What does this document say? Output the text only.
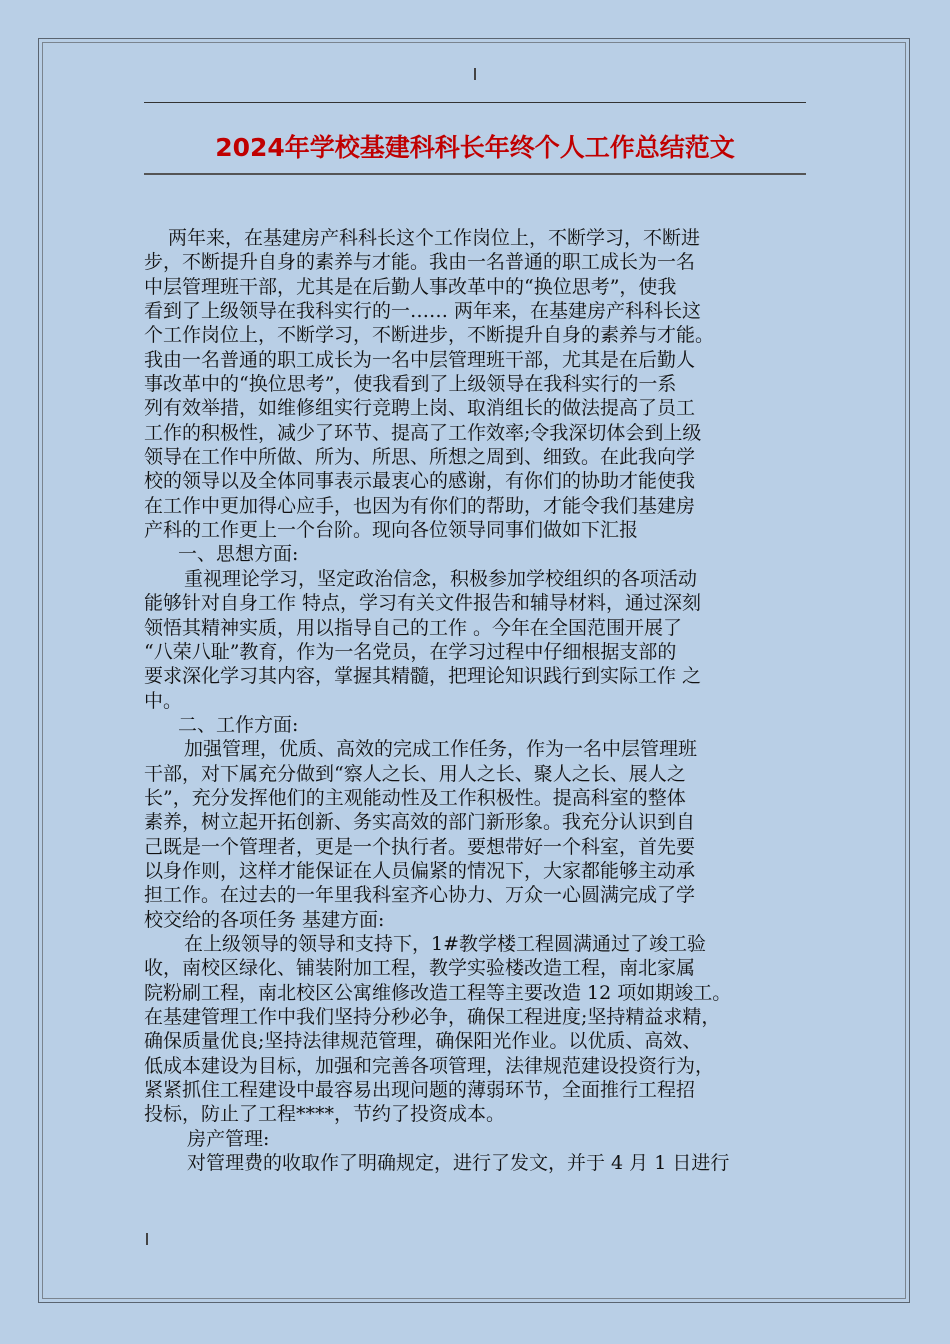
2024年学校基建科科长年终个人工作总结范文

两年来，在基建房产科科长这个工作岗位上，不断学习，不断进

步，不断提升自身的素养与才能。我由一名普通的职工成长为一名

中层管理班干部，尤其是在后勤人事改革中的“换位思考”，使我

看到了上级领导在我科实行的一…… 两年来，在基建房产科科长这

个工作岗位上，不断学习，不断进步，不断提升自身的素养与才能。

我由一名普通的职工成长为一名中层管理班干部，尤其是在后勤人

事改革中的“换位思考”，使我看到了上级领导在我科实行的一系

列有效举措，如维修组实行竞聘上岗、取消组长的做法提高了员工

工作的积极性，减少了环节、提高了工作效率;令我深切体会到上级

领导在工作中所做、所为、所思、所想之周到、细致。在此我向学

校的领导以及全体同事表示最衷心的感谢，有你们的协助才能使我

在工作中更加得心应手，也因为有你们的帮助，才能令我们基建房

产科的工作更上一个台阶。现向各位领导同事们做如下汇报

一、思想方面:

重视理论学习，坚定政治信念，积极参加学校组织的各项活动

能够针对自身工作 特点，学习有关文件报告和辅导材料，通过深刻

领悟其精神实质，用以指导自己的工作 。今年在全国范围开展了

“八荣八耻”教育，作为一名党员，在学习过程中仔细根据支部的

要求深化学习其内容，掌握其精髓，把理论知识践行到实际工作 之

中。

二、工作方面:

加强管理，优质、高效的完成工作任务，作为一名中层管理班

干部，对下属充分做到“察人之长、用人之长、聚人之长、展人之

长”，充分发挥他们的主观能动性及工作积极性。提高科室的整体

素养，树立起开拓创新、务实高效的部门新形象。我充分认识到自

己既是一个管理者，更是一个执行者。要想带好一个科室，首先要

以身作则，这样才能保证在人员偏紧的情况下，大家都能够主动承

担工作。在过去的一年里我科室齐心协力、万众一心圆满完成了学

校交给的各项任务 基建方面:

在上级领导的领导和支持下，1#教学楼工程圆满通过了竣工验

收，南校区绿化、铺装附加工程，教学实验楼改造工程，南北家属

院粉刷工程，南北校区公寓维修改造工程等主要改造 12 项如期竣工。

在基建管理工作中我们坚持分秒必争，确保工程进度;坚持精益求精，

确保质量优良;坚持法律规范管理，确保阳光作业。以优质、高效、

低成本建设为目标，加强和完善各项管理，法律规范建设投资行为，

紧紧抓住工程建设中最容易出现问题的薄弱环节，全面推行工程招

投标，防止了工程****，节约了投资成本。

房产管理:

对管理费的收取作了明确规定，进行了发文，并于 4 月 1 日进行
